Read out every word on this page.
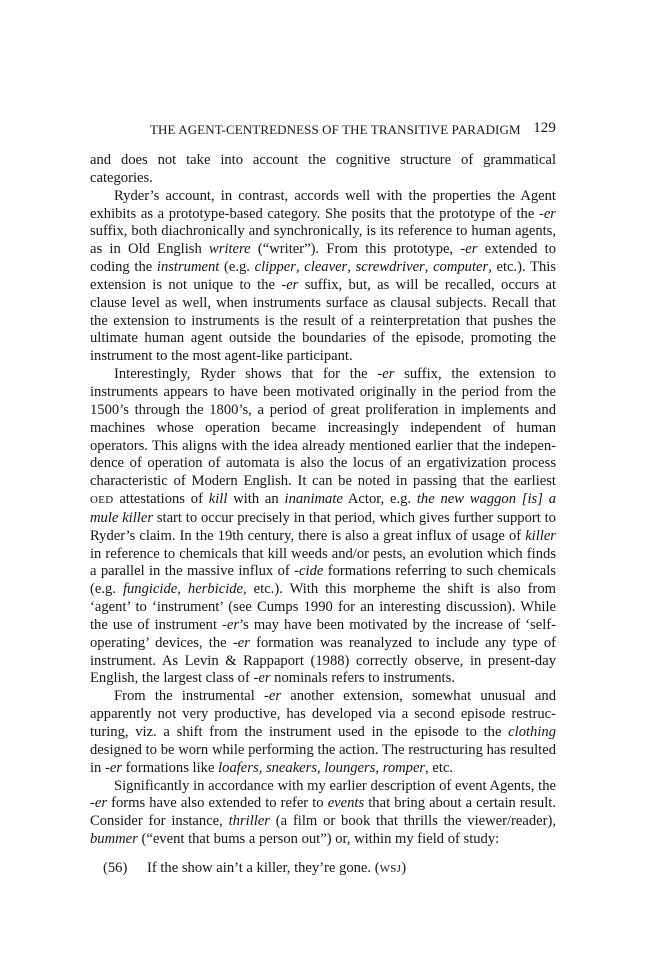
THE AGENT-CENTREDNESS OF THE TRANSITIVE PARADIGM 129

and does not take into account the cognitive structure of grammatical categories.

Ryder’s account, in contrast, accords well with the properties the Agent exhibits as a prototype-based category. She posits that the prototype of the -er suffix, both diachronically and synchronically, is its reference to human agents, as in Old English writere (“writer”). From this prototype, -er extended to coding the instrument (e.g. clipper, cleaver, screwdriver, computer, etc.). This extension is not unique to the -er suffix, but, as will be recalled, occurs at clause level as well, when instruments surface as clausal subjects. Recall that the extension to instruments is the result of a reinterpretation that pushes the ultimate human agent outside the boundaries of the episode, promoting the instrument to the most agent-like participant.

Interestingly, Ryder shows that for the -er suffix, the extension to instruments appears to have been motivated originally in the period from the 1500’s through the 1800’s, a period of great proliferation in implements and machines whose operation became increasingly independent of human operators. This aligns with the idea already mentioned earlier that the indepen-dence of operation of automata is also the locus of an ergativization process characteristic of Modern English. It can be noted in passing that the earliest OED attestations of kill with an inanimate Actor, e.g. the new waggon [is] a mule killer start to occur precisely in that period, which gives further support to Ryder’s claim. In the 19th century, there is also a great influx of usage of killer in reference to chemicals that kill weeds and/or pests, an evolution which finds a parallel in the massive influx of -cide formations referring to such chemicals (e.g. fungicide, herbicide, etc.). With this morpheme the shift is also from ‘agent’ to ‘instrument’ (see Cumps 1990 for an interesting discussion). While the use of instrument -er’s may have been motivated by the increase of ‘self-operating’ devices, the -er formation was reanalyzed to include any type of instrument. As Levin & Rappaport (1988) correctly observe, in present-day English, the largest class of -er nominals refers to instruments.

From the instrumental -er another extension, somewhat unusual and apparently not very productive, has developed via a second episode restruc-turing, viz. a shift from the instrument used in the episode to the clothing designed to be worn while performing the action. The restructuring has resulted in -er formations like loafers, sneakers, loungers, romper, etc.

Significantly in accordance with my earlier description of event Agents, the -er forms have also extended to refer to events that bring about a certain result. Consider for instance, thriller (a film or book that thrills the viewer/reader), bummer (“event that bums a person out”) or, within my field of study:

(56) If the show ain’t a killer, they’re gone. (WSJ)
